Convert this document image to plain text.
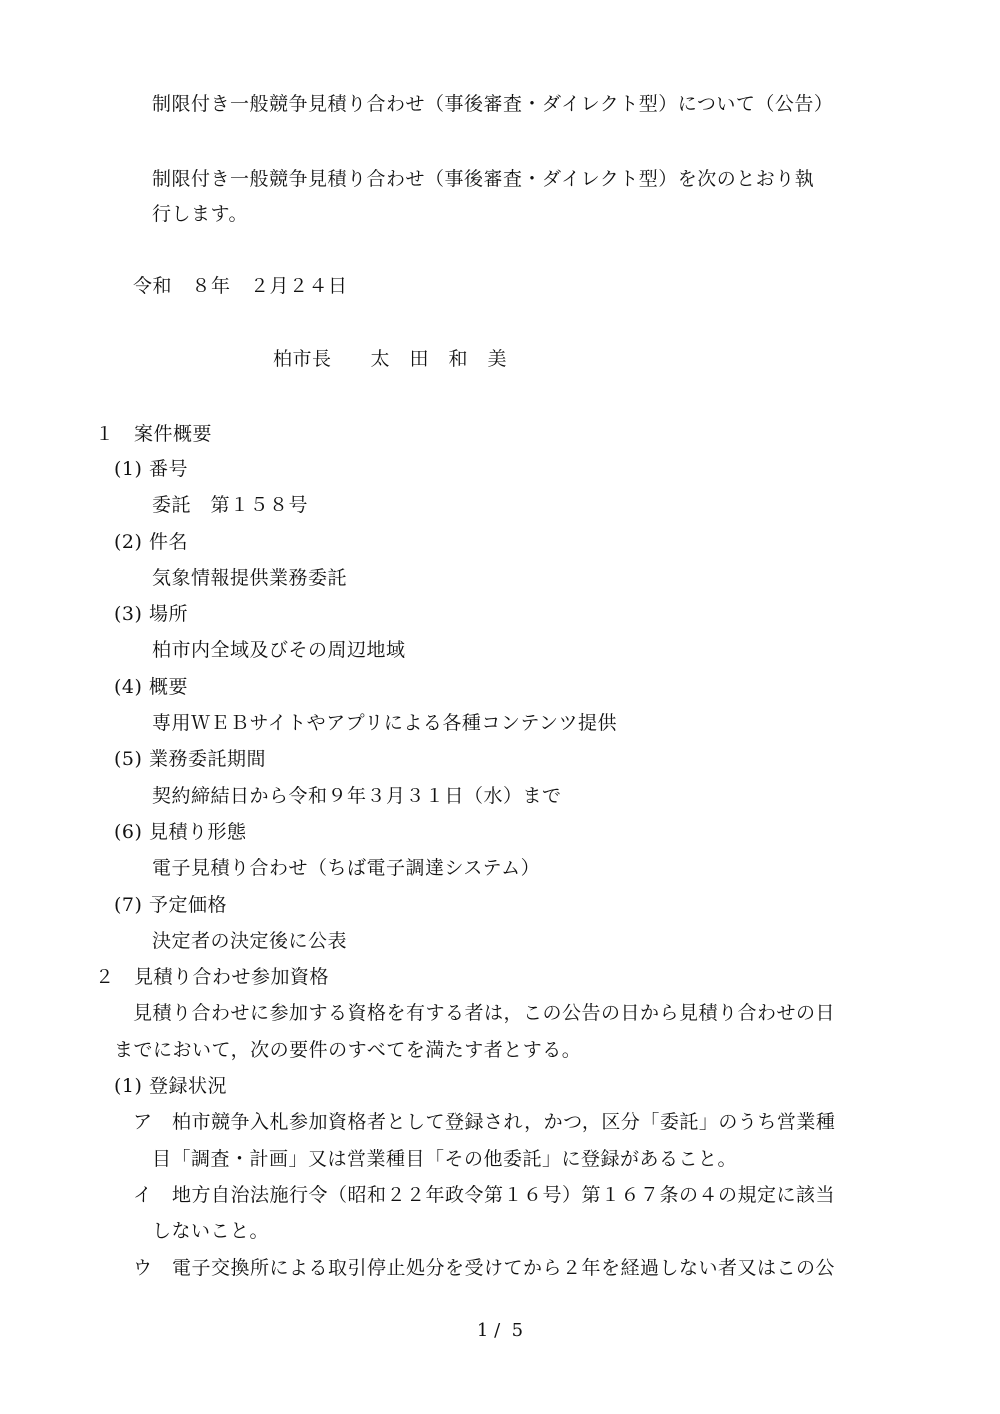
制限付き一般競争見積り合わせ（事後審査・ダイレクト型）について（公告）
制限付き一般競争見積り合わせ（事後審査・ダイレクト型）を次のとおり執
行します。
令和　８年　２月２４日
柏市長　　太　田　和　美
１　案件概要
(1) 番号
委託　第１５８号
(2) 件名
気象情報提供業務委託
(3) 場所
柏市内全域及びその周辺地域
(4) 概要
専用ＷＥＢサイトやアプリによる各種コンテンツ提供
(5) 業務委託期間
契約締結日から令和９年３月３１日（水）まで
(6) 見積り形態
電子見積り合わせ（ちば電子調達システム）
(7) 予定価格
決定者の決定後に公表
２　見積り合わせ参加資格
見積り合わせに参加する資格を有する者は，この公告の日から見積り合わせの日
までにおいて，次の要件のすべてを満たす者とする。
(1) 登録状況
ア　柏市競争入札参加資格者として登録され，かつ，区分「委託」のうち営業種
目「調査・計画」又は営業種目「その他委託」に登録があること。
イ　地方自治法施行令（昭和２２年政令第１６号）第１６７条の４の規定に該当
しないこと。
ウ　電子交換所による取引停止処分を受けてから２年を経過しない者又はこの公
1 /  5
